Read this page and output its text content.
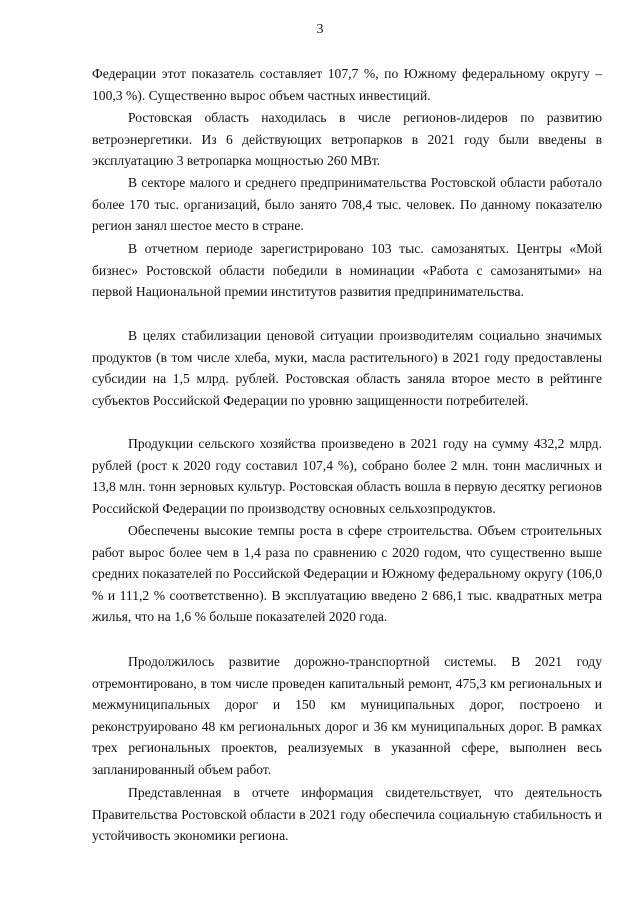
3

Федерации этот показатель составляет 107,7 %, по Южному федеральному округу – 100,3 %). Существенно вырос объем частных инвестиций.

Ростовская область находилась в числе регионов-лидеров по развитию ветроэнергетики. Из 6 действующих ветропарков в 2021 году были введены в эксплуатацию 3 ветропарка мощностью 260 МВт.

В секторе малого и среднего предпринимательства Ростовской области работало более 170 тыс. организаций, было занято 708,4 тыс. человек. По данному показателю регион занял шестое место в стране.

В отчетном периоде зарегистрировано 103 тыс. самозанятых. Центры «Мой бизнес» Ростовской области победили в номинации «Работа с самозанятыми» на первой Национальной премии институтов развития предпринимательства.

В целях стабилизации ценовой ситуации производителям социально значимых продуктов (в том числе хлеба, муки, масла растительного) в 2021 году предоставлены субсидии на 1,5 млрд. рублей. Ростовская область заняла второе место в рейтинге субъектов Российской Федерации по уровню защищенности потребителей.

Продукции сельского хозяйства произведено в 2021 году на сумму 432,2 млрд. рублей (рост к 2020 году составил 107,4 %), собрано более 2 млн. тонн масличных и 13,8 млн. тонн зерновых культур. Ростовская область вошла в первую десятку регионов Российской Федерации по производству основных сельхозпродуктов.

Обеспечены высокие темпы роста в сфере строительства. Объем строительных работ вырос более чем в 1,4 раза по сравнению с 2020 годом, что существенно выше средних показателей по Российской Федерации и Южному федеральному округу (106,0 % и 111,2 % соответственно). В эксплуатацию введено 2 686,1 тыс. квадратных метра жилья, что на 1,6 % больше показателей 2020 года.

Продолжилось развитие дорожно-транспортной системы. В 2021 году отремонтировано, в том числе проведен капитальный ремонт, 475,3 км региональных и межмуниципальных дорог и 150 км муниципальных дорог, построено и реконструировано 48 км региональных дорог и 36 км муниципальных дорог. В рамках трех региональных проектов, реализуемых в указанной сфере, выполнен весь запланированный объем работ.

Представленная в отчете информация свидетельствует, что деятельность Правительства Ростовской области в 2021 году обеспечила социальную стабильность и устойчивость экономики региона.
